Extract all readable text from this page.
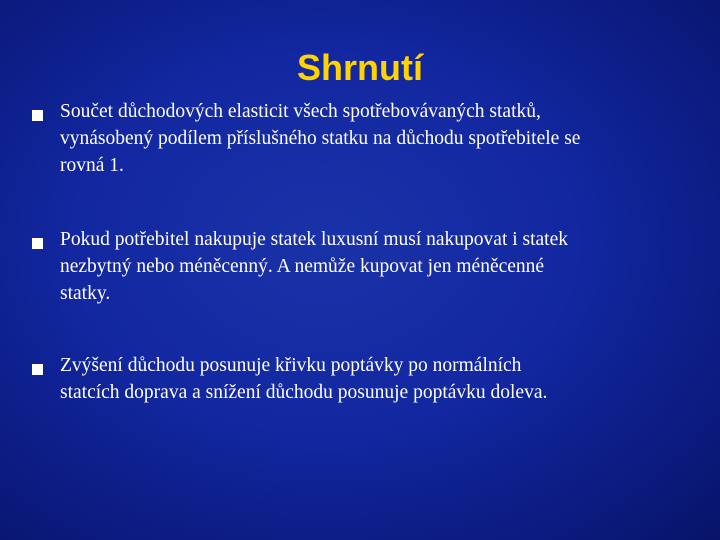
Shrnutí
Součet důchodových elasticit všech spotřebovávaných statků,
vynásobený podílem příslušného statku na důchodu spotřebitele se
rovná 1.
Pokud potřebitel nakupuje statek luxusní musí nakupovat i statek
nezbytný nebo méněcenný. A nemůže kupovat jen méněcenné
statky.
Zvýšení důchodu posunuje křivku poptávky po normálních
statcích doprava a snížení důchodu posunuje poptávku doleva.
